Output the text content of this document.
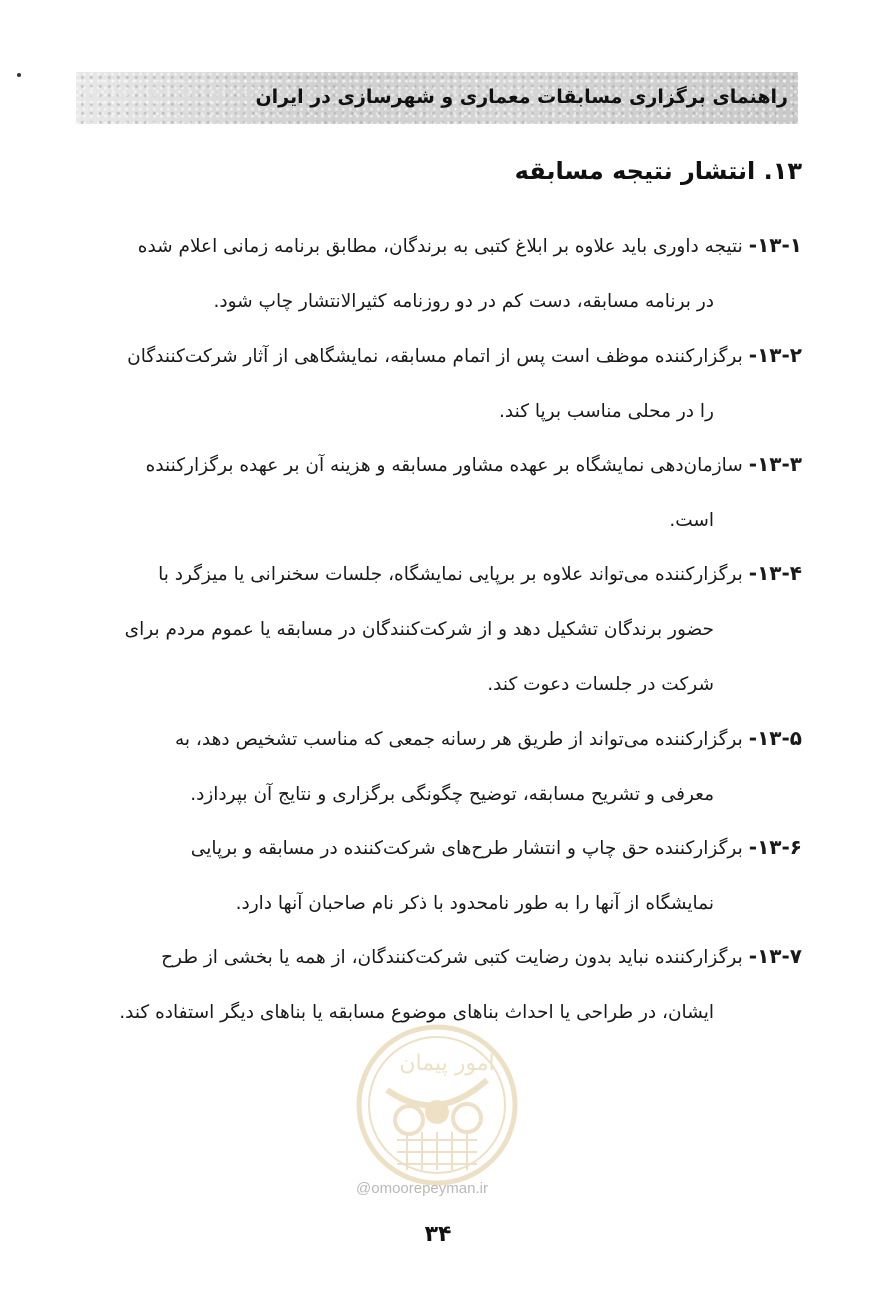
راهنمای برگزاری مسابقات معماری و شهرسازی در ایران
۱۳. انتشار نتیجه مسابقه
۱۳-۱-نتیجه داوری باید علاوه بر ابلاغ کتبی به برندگان، مطابق برنامه زمانی اعلام شده
در برنامه مسابقه، دست کم در دو روزنامه کثیرالانتشار چاپ شود.
۱۳-۲-برگزارکننده موظف است پس از اتمام مسابقه، نمایشگاهی از آثار شرکت‌کنندگان
را در محلی مناسب برپا کند.
۱۳-۳-سازمان‌دهی نمایشگاه بر عهده مشاور مسابقه و هزینه آن بر عهده برگزارکننده
است.
۱۳-۴-برگزارکننده می‌تواند علاوه بر برپایی نمایشگاه، جلسات سخنرانی یا میزگرد با
حضور برندگان تشکیل دهد و از شرکت‌کنندگان در مسابقه یا عموم مردم برای
شرکت در جلسات دعوت کند.
۱۳-۵-برگزارکننده می‌تواند از طریق هر رسانه جمعی که مناسب تشخیص دهد، به
معرفی و تشریح مسابقه، توضیح چگونگی برگزاری و نتایج آن بپردازد.
۱۳-۶-برگزارکننده حق چاپ و انتشار طرح‌های شرکت‌کننده در مسابقه و برپایی
نمایشگاه از آنها را به طور نامحدود با ذکر نام صاحبان آنها دارد.
۱۳-۷-برگزارکننده نباید بدون رضایت کتبی شرکت‌کنندگان، از همه یا بخشی از طرح
ایشان، در طراحی یا احداث بناهای موضوع مسابقه یا بناهای دیگر استفاده کند.
امور پیمان
@omoorepeyman.ir
۳۴
